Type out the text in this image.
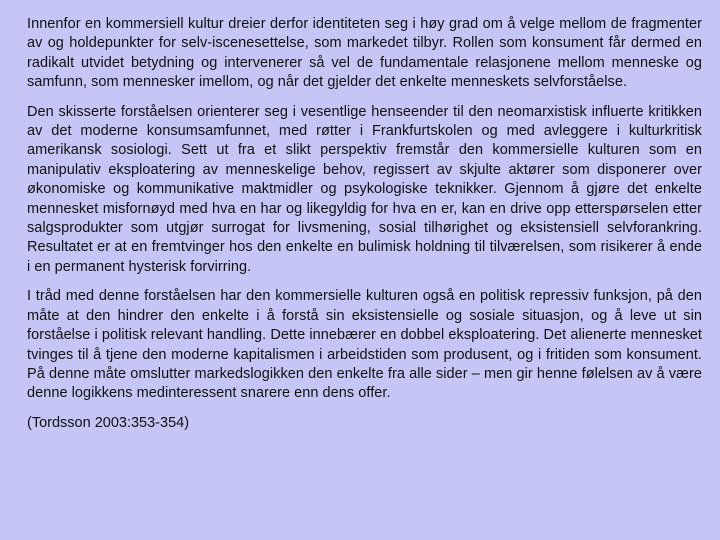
Innenfor en kommersiell kultur dreier derfor identiteten seg i høy grad om å velge mellom de fragmenter av og holdepunkter for selv-iscenesettelse, som markedet tilbyr. Rollen som konsument får dermed en radikalt utvidet betydning og intervenerer så vel de fundamentale relasjonene mellom menneske og samfunn, som mennesker imellom, og når det gjelder det enkelte menneskets selvforståelse.

Den skisserte forståelsen orienterer seg i vesentlige henseender til den neomarxistisk influerte kritikken av det moderne konsumsamfunnet, med røtter i Frankfurtskolen og med avleggere i kulturkritisk amerikansk sosiologi. Sett ut fra et slikt perspektiv fremstår den kommersielle kulturen som en manipulativ eksploatering av menneskelige behov, regissert av skjulte aktører som disponerer over økonomiske og kommunikative maktmidler og psykologiske teknikker. Gjennom å gjøre det enkelte mennesket misfornøyd med hva en har og likegyldig for hva en er, kan en drive opp etterspørselen etter salgsprodukter som utgjør surrogat for livsmening, sosial tilhørighet og eksistensiell selvforankring. Resultatet er at en fremtvinger hos den enkelte en bulimisk holdning til tilværelsen, som risikerer å ende i en permanent hysterisk forvirring.

I tråd med denne forståelsen har den kommersielle kulturen også en politisk repressiv funksjon, på den måte at den hindrer den enkelte i å forstå sin eksistensielle og sosiale situasjon, og å leve ut sin forståelse i politisk relevant handling. Dette innebærer en dobbel eksploatering. Det alienerte mennesket tvinges til å tjene den moderne kapitalismen i arbeidstiden som produsent, og i fritiden som konsument. På denne måte omslutter markedslogikken den enkelte fra alle sider – men gir henne følelsen av å være denne logikkens medinteressent snarere enn dens offer.

(Tordsson 2003:353-354)
